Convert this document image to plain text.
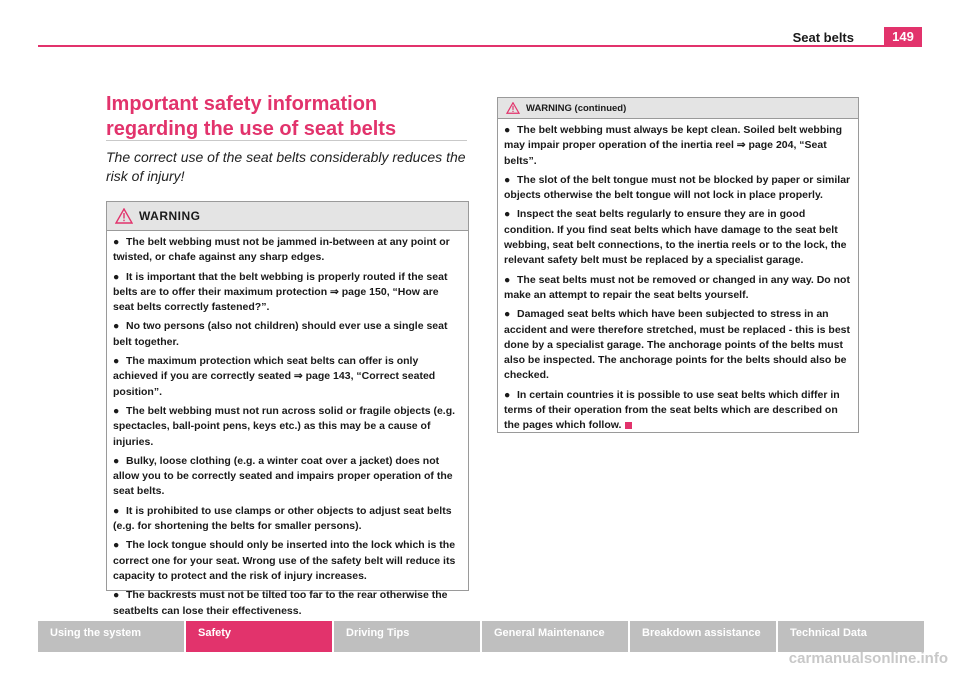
Seat belts	149
Important safety information regarding the use of seat belts
The correct use of the seat belts considerably reduces the risk of injury!
WARNING
● The belt webbing must not be jammed in-between at any point or twisted, or chafe against any sharp edges.
● It is important that the belt webbing is properly routed if the seat belts are to offer their maximum protection ⇒ page 150, “How are seat belts correctly fastened?”.
● No two persons (also not children) should ever use a single seat belt together.
● The maximum protection which seat belts can offer is only achieved if you are correctly seated ⇒ page 143, “Correct seated position”.
● The belt webbing must not run across solid or fragile objects (e.g. spectacles, ball-point pens, keys etc.) as this may be a cause of injuries.
● Bulky, loose clothing (e.g. a winter coat over a jacket) does not allow you to be correctly seated and impairs proper operation of the seat belts.
● It is prohibited to use clamps or other objects to adjust seat belts (e.g. for shortening the belts for smaller persons).
● The lock tongue should only be inserted into the lock which is the correct one for your seat. Wrong use of the safety belt will reduce its capacity to protect and the risk of injury increases.
● The backrests must not be tilted too far to the rear otherwise the seatbelts can lose their effectiveness.
WARNING (continued)
● The belt webbing must always be kept clean. Soiled belt webbing may impair proper operation of the inertia reel ⇒ page 204, “Seat belts”.
● The slot of the belt tongue must not be blocked by paper or similar objects otherwise the belt tongue will not lock in place properly.
● Inspect the seat belts regularly to ensure they are in good condition. If you find seat belts which have damage to the seat belt webbing, seat belt connections, to the inertia reels or to the lock, the relevant safety belt must be replaced by a specialist garage.
● The seat belts must not be removed or changed in any way. Do not make an attempt to repair the seat belts yourself.
● Damaged seat belts which have been subjected to stress in an accident and were therefore stretched, must be replaced - this is best done by a specialist garage. The anchorage points of the belts must also be inspected. The anchorage points for the belts should also be checked.
● In certain countries it is possible to use seat belts which differ in terms of their operation from the seat belts which are described on the pages which follow.
Using the system	Safety	Driving Tips	General Maintenance	Breakdown assistance	Technical Data
carmanualsonline.info
